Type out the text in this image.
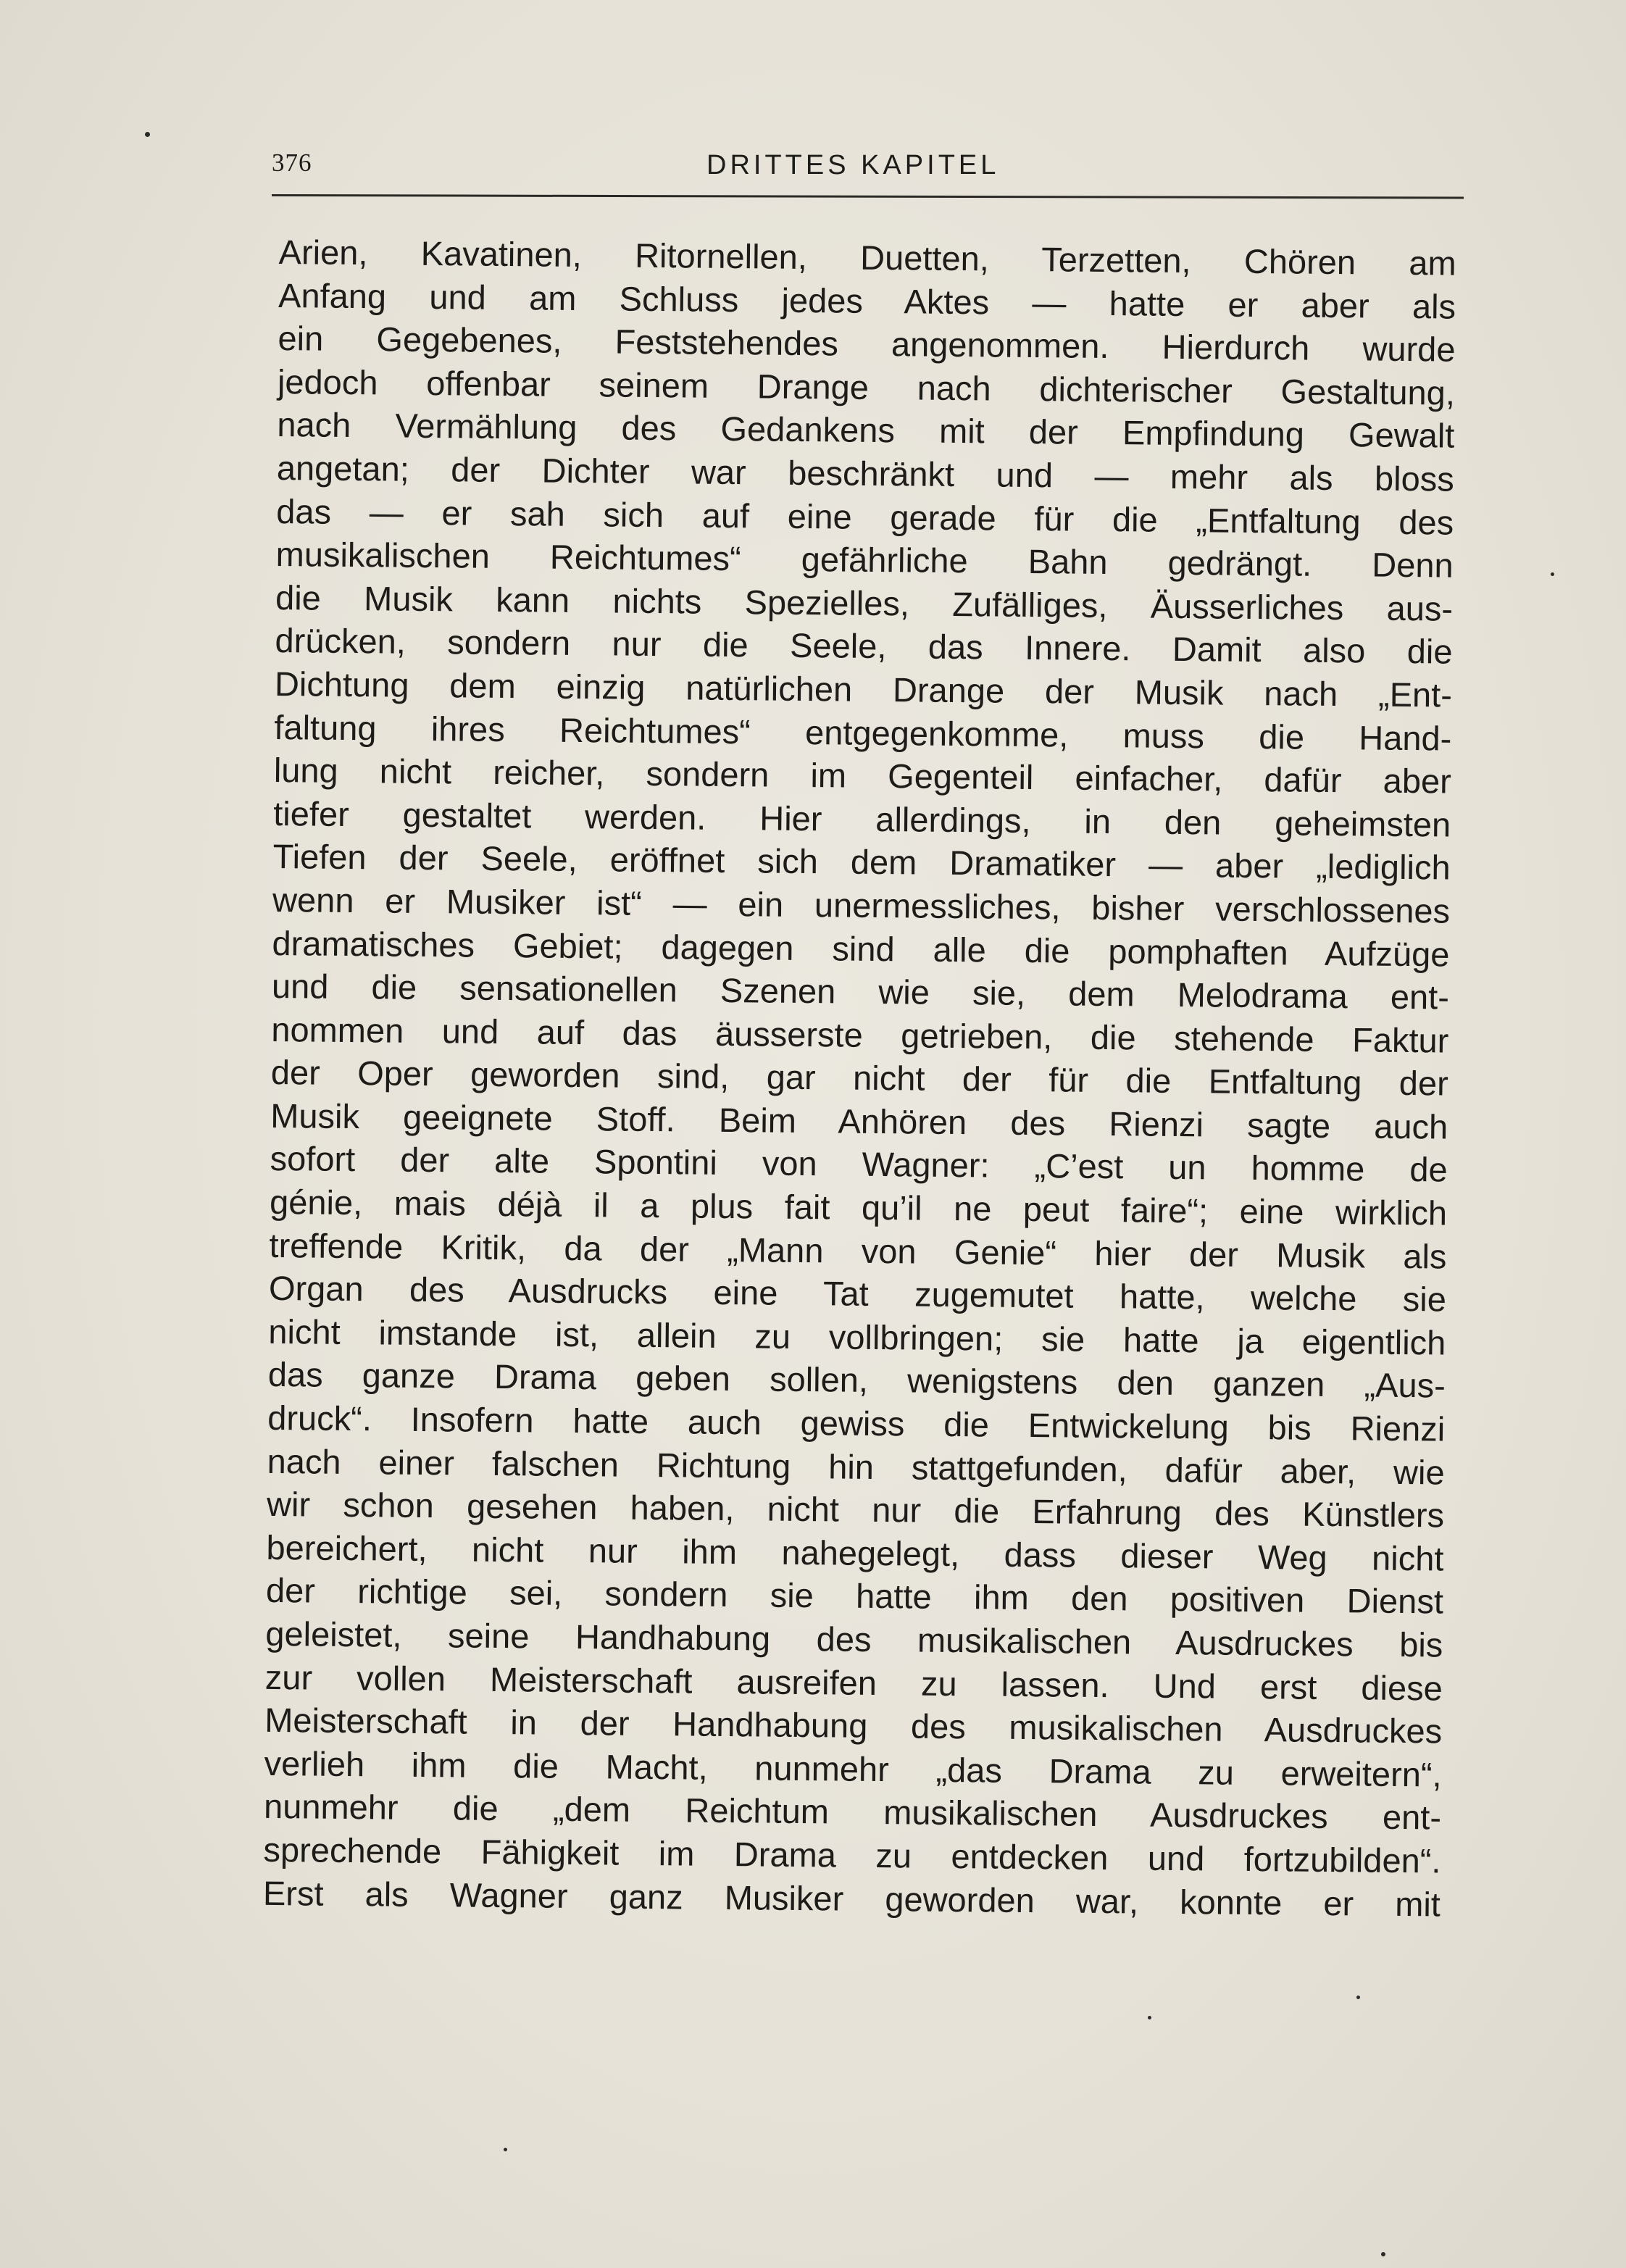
376	DRITTES KAPITEL
Arien, Kavatinen, Ritornellen, Duetten, Terzetten, Chören am
Anfang und am Schluss jedes Aktes — hatte er aber als
ein Gegebenes, Feststehendes angenommen. Hierdurch wurde
jedoch offenbar seinem Drange nach dichterischer Gestaltung,
nach Vermählung des Gedankens mit der Empfindung Gewalt
angetan; der Dichter war beschränkt und — mehr als bloss
das — er sah sich auf eine gerade für die „Entfaltung des
musikalischen Reichtumes“ gefährliche Bahn gedrängt. Denn
die Musik kann nichts Spezielles, Zufälliges, Äusserliches aus-
drücken, sondern nur die Seele, das Innere. Damit also die
Dichtung dem einzig natürlichen Drange der Musik nach „Ent-
faltung ihres Reichtumes“ entgegenkomme, muss die Hand-
lung nicht reicher, sondern im Gegenteil einfacher, dafür aber
tiefer gestaltet werden. Hier allerdings, in den geheimsten
Tiefen der Seele, eröffnet sich dem Dramatiker — aber „lediglich
wenn er Musiker ist“ — ein unermessliches, bisher verschlossenes
dramatisches Gebiet; dagegen sind alle die pomphaften Aufzüge
und die sensationellen Szenen wie sie, dem Melodrama ent-
nommen und auf das äusserste getrieben, die stehende Faktur
der Oper geworden sind, gar nicht der für die Entfaltung der
Musik geeignete Stoff. Beim Anhören des Rienzi sagte auch
sofort der alte Spontini von Wagner: „C’est un homme de
génie, mais déjà il a plus fait qu’il ne peut faire“; eine wirklich
treffende Kritik, da der „Mann von Genie“ hier der Musik als
Organ des Ausdrucks eine Tat zugemutet hatte, welche sie
nicht imstande ist, allein zu vollbringen; sie hatte ja eigentlich
das ganze Drama geben sollen, wenigstens den ganzen „Aus-
druck“. Insofern hatte auch gewiss die Entwickelung bis Rienzi
nach einer falschen Richtung hin stattgefunden, dafür aber, wie
wir schon gesehen haben, nicht nur die Erfahrung des Künstlers
bereichert, nicht nur ihm nahegelegt, dass dieser Weg nicht
der richtige sei, sondern sie hatte ihm den positiven Dienst
geleistet, seine Handhabung des musikalischen Ausdruckes bis
zur vollen Meisterschaft ausreifen zu lassen. Und erst diese
Meisterschaft in der Handhabung des musikalischen Ausdruckes
verlieh ihm die Macht, nunmehr „das Drama zu erweitern“,
nunmehr die „dem Reichtum musikalischen Ausdruckes ent-
sprechende Fähigkeit im Drama zu entdecken und fortzubilden“.
Erst als Wagner ganz Musiker geworden war, konnte er mit
